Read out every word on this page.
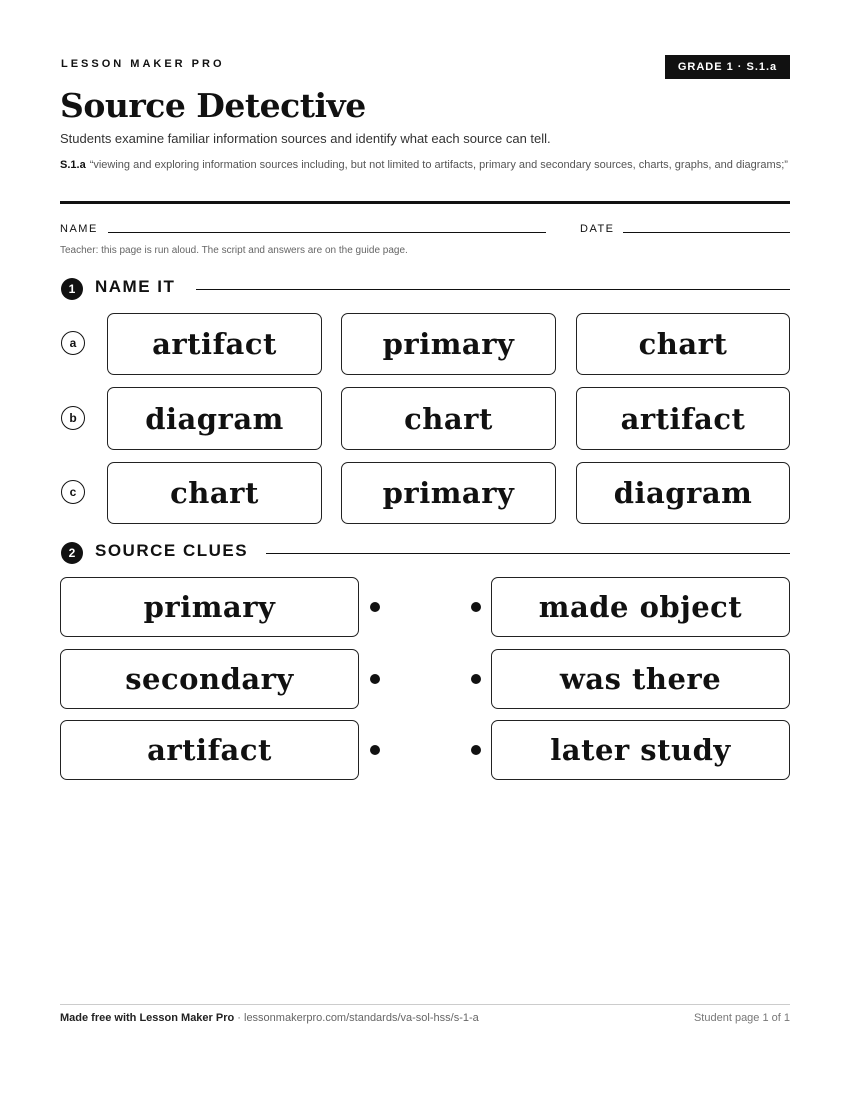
LESSON MAKER PRO	GRADE 1 · S.1.a
Source Detective
Students examine familiar information sources and identify what each source can tell.
S.1.a “viewing and exploring information sources including, but not limited to artifacts, primary and secondary sources, charts, graphs, and diagrams;”
NAME	DATE
Teacher: this page is run aloud. The script and answers are on the guide page.
1	NAME IT
a	artifact	primary	chart
b	diagram	chart	artifact
c	chart	primary	diagram
2	SOURCE CLUES
primary	made object
secondary	was there
artifact	later study
Made free with Lesson Maker Pro · lessonmakerpro.com/standards/va-sol-hss/s-1-a	Student page 1 of 1
